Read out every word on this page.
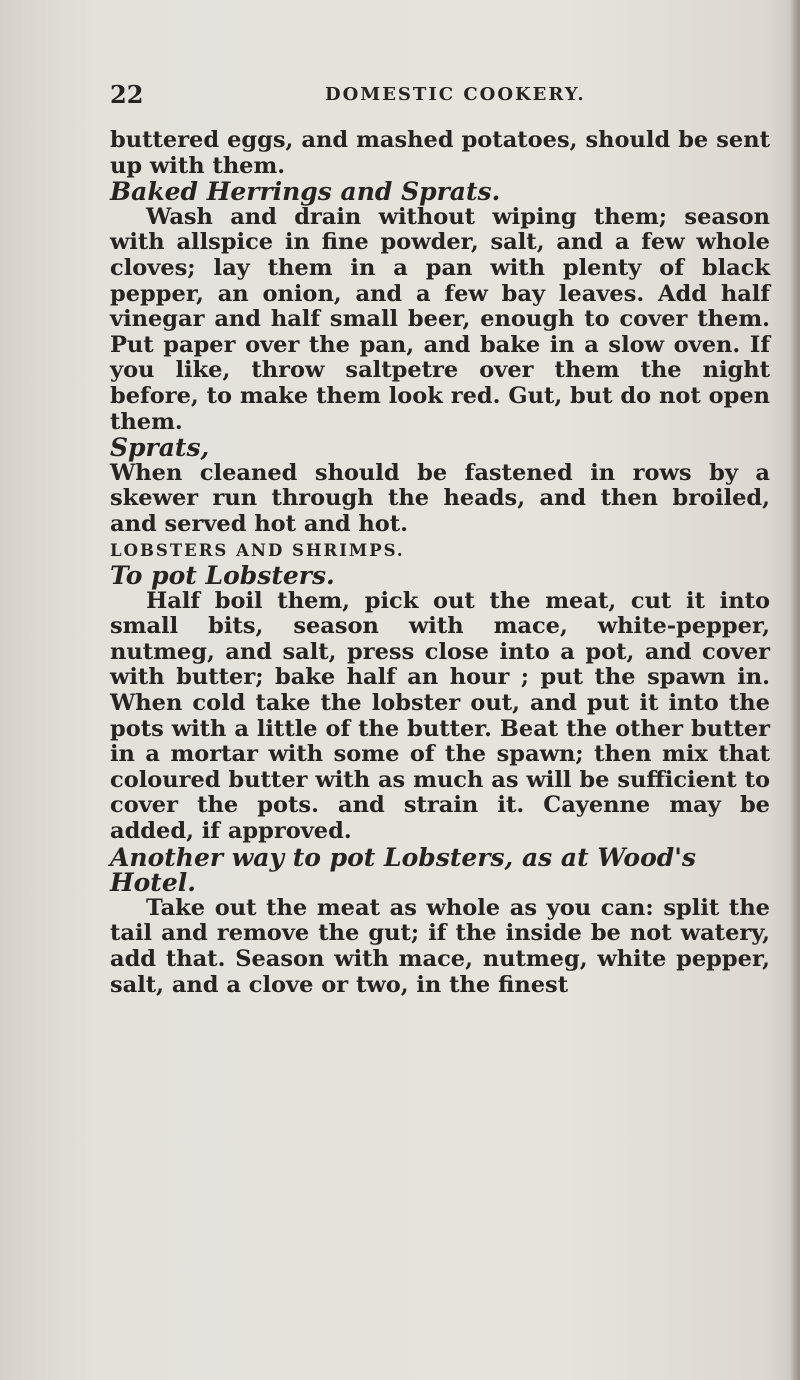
22	DOMESTIC COOKERY.

buttered eggs, and mashed potatoes, should be sent up with them.

Baked Herrings and Sprats.

Wash and drain without wiping them; season with allspice in fine powder, salt, and a few whole cloves; lay them in a pan with plenty of black pepper, an onion, and a few bay leaves. Add half vinegar and half small beer, enough to cover them. Put paper over the pan, and bake in a slow oven. If you like, throw saltpetre over them the night before, to make them look red. Gut, but do not open them.

Sprats,

When cleaned should be fastened in rows by a skewer run through the heads, and then broiled, and served hot and hot.

LOBSTERS AND SHRIMPS.

To pot Lobsters.

Half boil them, pick out the meat, cut it into small bits, season with mace, white-pepper, nutmeg, and salt, press close into a pot, and cover with butter; bake half an hour ; put the spawn in. When cold take the lobster out, and put it into the pots with a little of the butter. Beat the other butter in a mortar with some of the spawn; then mix that coloured butter with as much as will be sufficient to cover the pots. and strain it. Cayenne may be added, if approved.

Another way to pot Lobsters, as at Wood's
Hotel.

Take out the meat as whole as you can: split the tail and remove the gut; if the inside be not watery, add that. Season with mace, nutmeg, white pepper, salt, and a clove or two, in the finest
